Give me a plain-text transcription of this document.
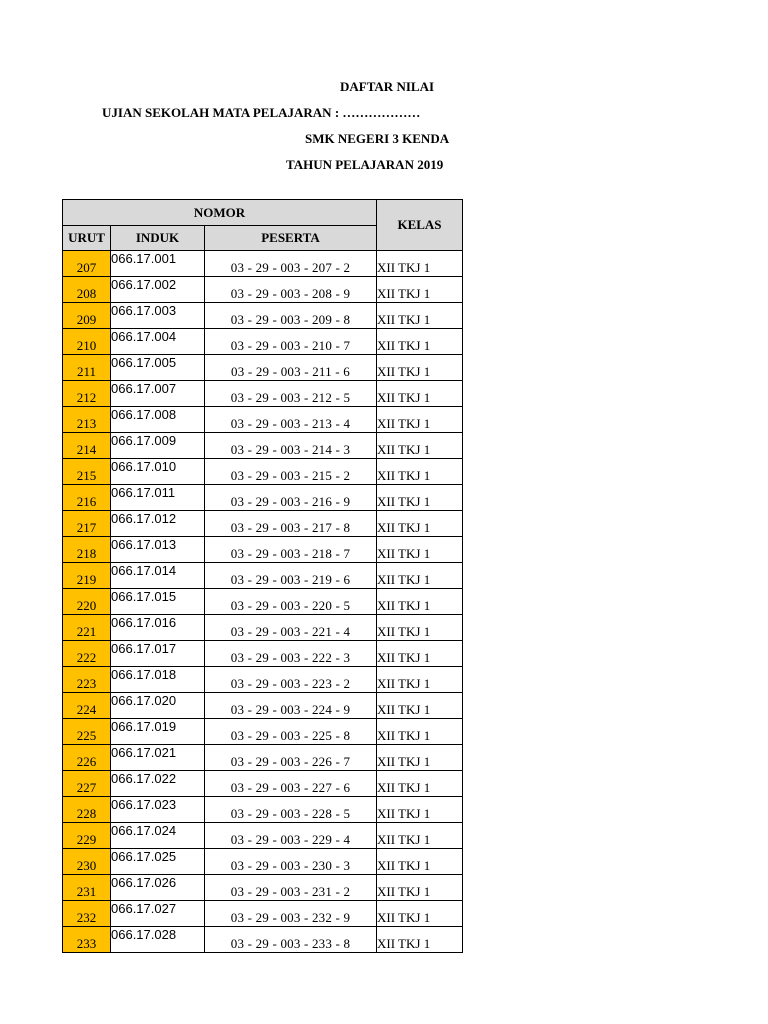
DAFTAR NILAI
UJIAN SEKOLAH MATA PELAJARAN : ………………
SMK NEGERI 3 KENDA
TAHUN PELAJARAN 2019
NOMOR			KELAS
URUT	INDUK	PESERTA	
207	066.17.001	03 - 29 - 003 - 207 - 2	XII TKJ 1
208	066.17.002	03 - 29 - 003 - 208 - 9	XII TKJ 1
209	066.17.003	03 - 29 - 003 - 209 - 8	XII TKJ 1
210	066.17.004	03 - 29 - 003 - 210 - 7	XII TKJ 1
211	066.17.005	03 - 29 - 003 - 211 - 6	XII TKJ 1
212	066.17.007	03 - 29 - 003 - 212 - 5	XII TKJ 1
213	066.17.008	03 - 29 - 003 - 213 - 4	XII TKJ 1
214	066.17.009	03 - 29 - 003 - 214 - 3	XII TKJ 1
215	066.17.010	03 - 29 - 003 - 215 - 2	XII TKJ 1
216	066.17.011	03 - 29 - 003 - 216 - 9	XII TKJ 1
217	066.17.012	03 - 29 - 003 - 217 - 8	XII TKJ 1
218	066.17.013	03 - 29 - 003 - 218 - 7	XII TKJ 1
219	066.17.014	03 - 29 - 003 - 219 - 6	XII TKJ 1
220	066.17.015	03 - 29 - 003 - 220 - 5	XII TKJ 1
221	066.17.016	03 - 29 - 003 - 221 - 4	XII TKJ 1
222	066.17.017	03 - 29 - 003 - 222 - 3	XII TKJ 1
223	066.17.018	03 - 29 - 003 - 223 - 2	XII TKJ 1
224	066.17.020	03 - 29 - 003 - 224 - 9	XII TKJ 1
225	066.17.019	03 - 29 - 003 - 225 - 8	XII TKJ 1
226	066.17.021	03 - 29 - 003 - 226 - 7	XII TKJ 1
227	066.17.022	03 - 29 - 003 - 227 - 6	XII TKJ 1
228	066.17.023	03 - 29 - 003 - 228 - 5	XII TKJ 1
229	066.17.024	03 - 29 - 003 - 229 - 4	XII TKJ 1
230	066.17.025	03 - 29 - 003 - 230 - 3	XII TKJ 1
231	066.17.026	03 - 29 - 003 - 231 - 2	XII TKJ 1
232	066.17.027	03 - 29 - 003 - 232 - 9	XII TKJ 1
233	066.17.028	03 - 29 - 003 - 233 - 8	XII TKJ 1
